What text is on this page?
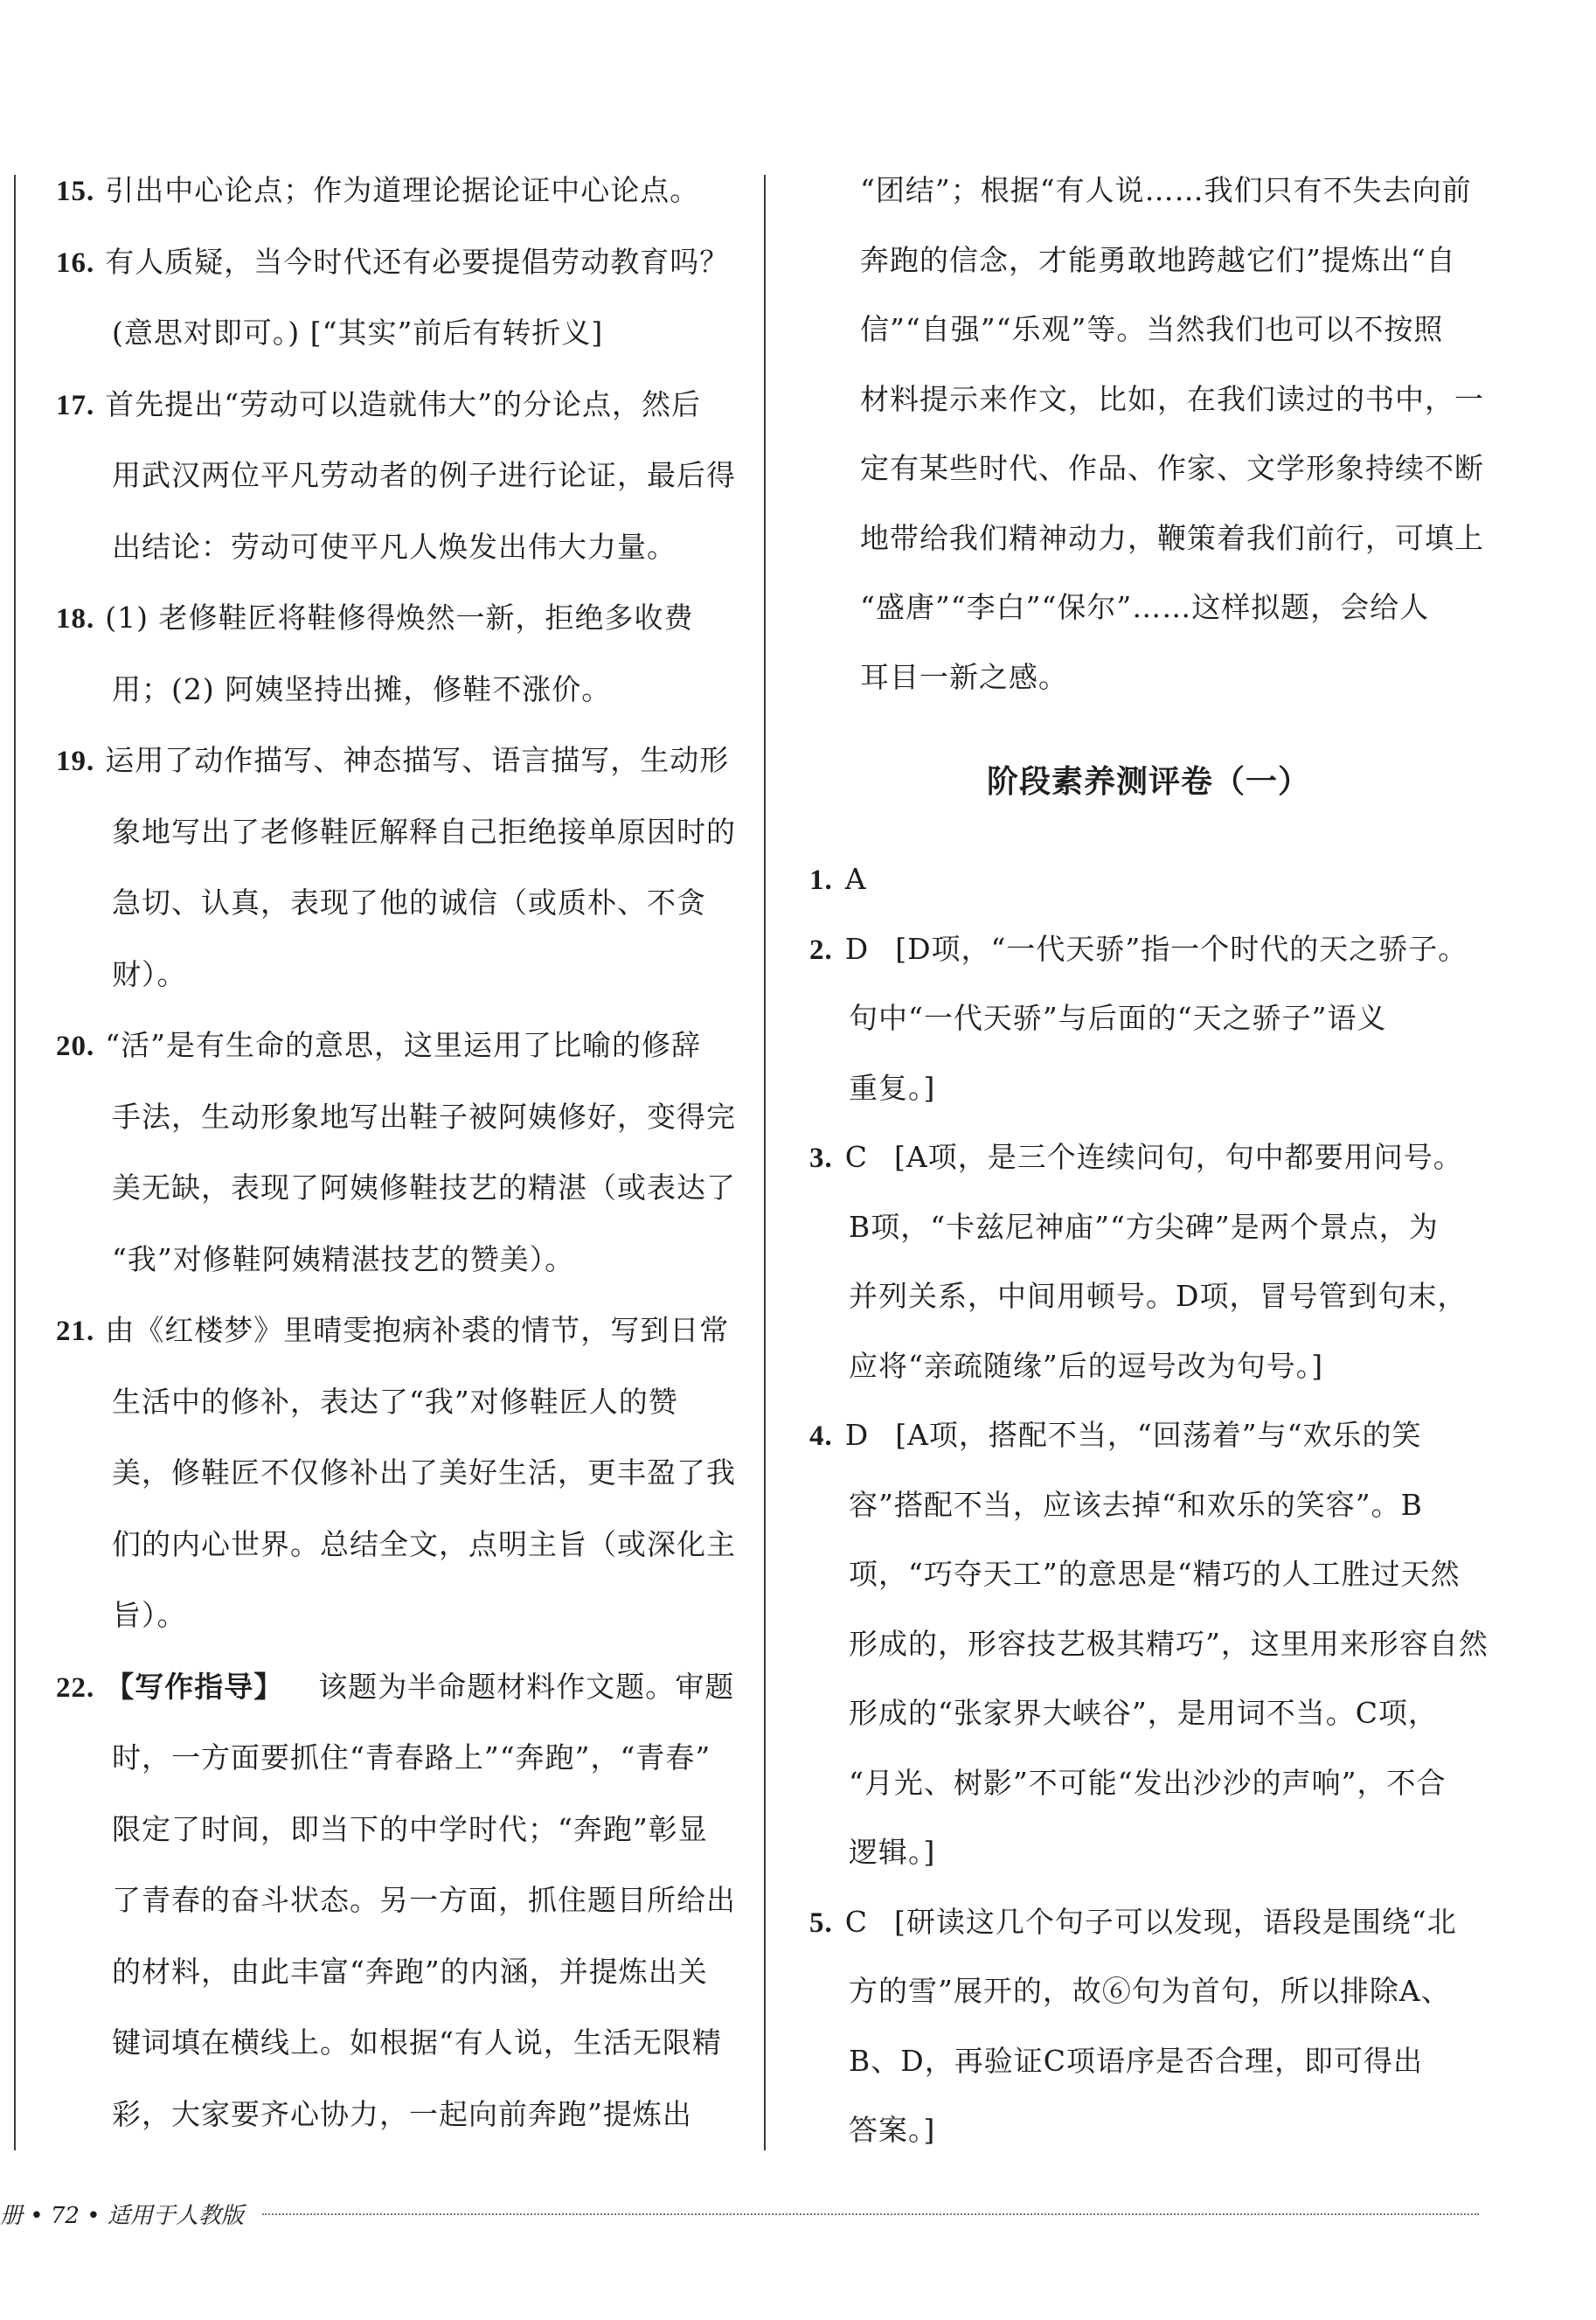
15. 引出中心论点；作为道理论据论证中心论点。
16. 有人质疑，当今时代还有必要提倡劳动教育吗？
(意思对即可。) [“其实”前后有转折义]
17. 首先提出“劳动可以造就伟大”的分论点，然后
用武汉两位平凡劳动者的例子进行论证，最后得
出结论：劳动可使平凡人焕发出伟大力量。
18. (1) 老修鞋匠将鞋修得焕然一新，拒绝多收费
用；(2) 阿姨坚持出摊，修鞋不涨价。
19. 运用了动作描写、神态描写、语言描写，生动形
象地写出了老修鞋匠解释自己拒绝接单原因时的
急切、认真，表现了他的诚信（或质朴、不贪
财）。
20. “活”是有生命的意思，这里运用了比喻的修辞
手法，生动形象地写出鞋子被阿姨修好，变得完
美无缺，表现了阿姨修鞋技艺的精湛（或表达了
“我”对修鞋阿姨精湛技艺的赞美）。
21. 由《红楼梦》里晴雯抱病补裘的情节，写到日常
生活中的修补，表达了“我”对修鞋匠人的赞
美，修鞋匠不仅修补出了美好生活，更丰盈了我
们的内心世界。总结全文，点明主旨（或深化主
旨）。
22. 【写作指导】 该题为半命题材料作文题。审题
时，一方面要抓住“青春路上”“奔跑”，“青春”
限定了时间，即当下的中学时代；“奔跑”彰显
了青春的奋斗状态。另一方面，抓住题目所给出
的材料，由此丰富“奔跑”的内涵，并提炼出关
键词填在横线上。如根据“有人说，生活无限精
彩，大家要齐心协力，一起向前奔跑”提炼出
“团结”；根据“有人说……我们只有不失去向前
奔跑的信念，才能勇敢地跨越它们”提炼出“自
信”“自强”“乐观”等。当然我们也可以不按照
材料提示来作文，比如，在我们读过的书中，一
定有某些时代、作品、作家、文学形象持续不断
地带给我们精神动力，鞭策着我们前行，可填上
“盛唐”“李白”“保尔”……这样拟题，会给人
耳目一新之感。
1. A
2. D [D项，“一代天骄”指一个时代的天之骄子。
句中“一代天骄”与后面的“天之骄子”语义
重复。]
3. C [A项，是三个连续问句，句中都要用问号。
B项，“卡兹尼神庙”“方尖碑”是两个景点，为
并列关系，中间用顿号。D项，冒号管到句末，
应将“亲疏随缘”后的逗号改为句号。]
4. D [A项，搭配不当，“回荡着”与“欢乐的笑
容”搭配不当，应该去掉“和欢乐的笑容”。B
项，“巧夺天工”的意思是“精巧的人工胜过天然
形成的，形容技艺极其精巧”，这里用来形容自然
形成的“张家界大峡谷”，是用词不当。C项，
“月光、树影”不可能“发出沙沙的声响”，不合
逻辑。]
5. C [研读这几个句子可以发现，语段是围绕“北
方的雪”展开的，故⑥句为首句，所以排除A、
B、D，再验证C项语序是否合理，即可得出
答案。]
阶段素养测评卷（一）
册 • 72 • 适用于人教版
